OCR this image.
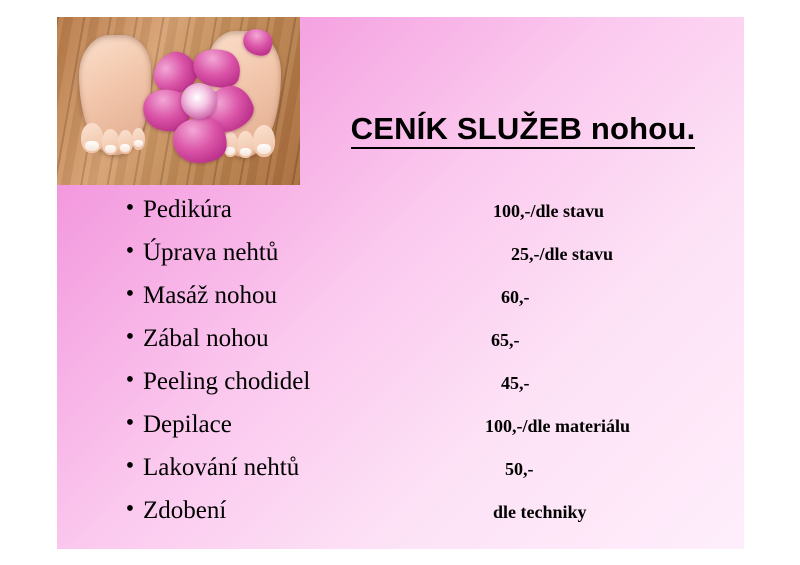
CENÍK SLUŽEB nohou.
• Pedikúra	100,-/dle stavu
• Úprava nehtů	25,-/dle stavu
• Masáž nohou	60,-
• Zábal nohou	65,-
• Peeling chodidel	45,-
• Depilace	100,-/dle materiálu
• Lakování nehtů	50,-
• Zdobení	dle techniky
